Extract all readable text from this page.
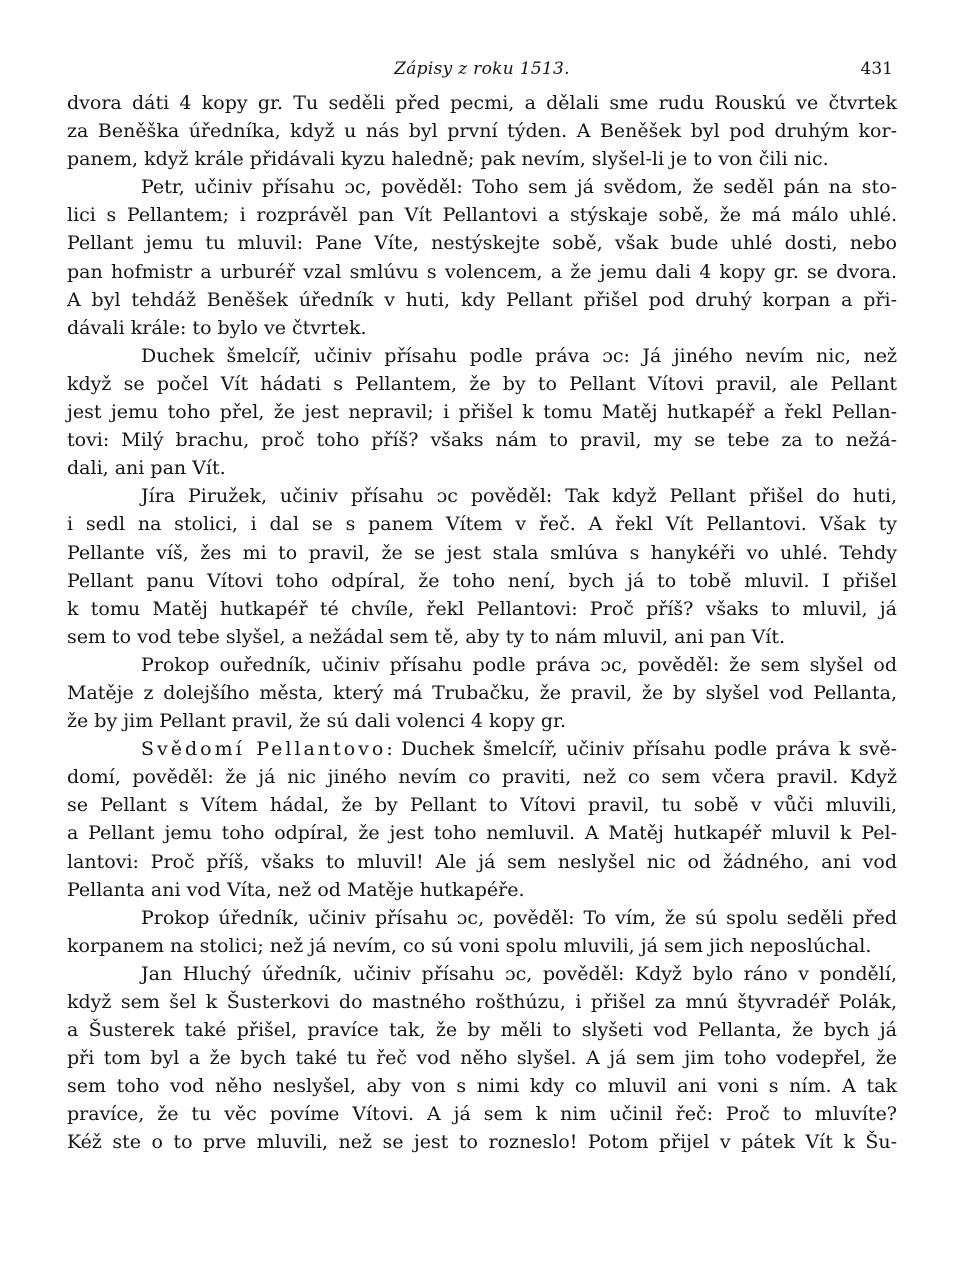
Zápisy z roku 1513.	431
dvora dáti 4 kopy gr. Tu seděli před pecmi, a dělali sme rudu Rouskú ve čtvrtek
za Beněška úředníka, když u nás byl první týden. A Beněšek byl pod druhým kor-
panem, když krále přidávali kyzu haledně; pak nevím, slyšel-li je to von čili nic.
Petr, učiniv přísahu ɔc, pověděl: Toho sem já svědom, že seděl pán na sto-
lici s Pellantem; i rozprávěl pan Vít Pellantovi a stýskaje sobě, že má málo uhlé.
Pellant jemu tu mluvil: Pane Víte, nestýskejte sobě, však bude uhlé dosti, nebo
pan hofmistr a urburéř vzal smlúvu s volencem, a že jemu dali 4 kopy gr. se dvora.
A byl tehdáž Beněšek úředník v huti, kdy Pellant přišel pod druhý korpan a při-
dávali krále: to bylo ve čtvrtek.
Duchek šmelcíř, učiniv přísahu podle práva ɔc: Já jiného nevím nic, než
když se počel Vít hádati s Pellantem, že by to Pellant Vítovi pravil, ale Pellant
jest jemu toho přel, že jest nepravil; i přišel k tomu Matěj hutkapéř a řekl Pellan-
tovi: Milý brachu, proč toho příš? všaks nám to pravil, my se tebe za to nežá-
dali, ani pan Vít.
Jíra Piružek, učiniv přísahu ɔc pověděl: Tak když Pellant přišel do huti,
i sedl na stolici, i dal se s panem Vítem v řeč. A řekl Vít Pellantovi. Však ty
Pellante víš, žes mi to pravil, že se jest stala smlúva s hanykéři vo uhlé. Tehdy
Pellant panu Vítovi toho odpíral, že toho není, bych já to tobě mluvil. I přišel
k tomu Matěj hutkapéř té chvíle, řekl Pellantovi: Proč příš? všaks to mluvil, já
sem to vod tebe slyšel, a nežádal sem tě, aby ty to nám mluvil, ani pan Vít.
Prokop ouředník, učiniv přísahu podle práva ɔc, pověděl: že sem slyšel od
Matěje z dolejšího města, který má Trubačku, že pravil, že by slyšel vod Pellanta,
že by jim Pellant pravil, že sú dali volenci 4 kopy gr.
Svědomí Pellantovo: Duchek šmelcíř, učiniv přísahu podle práva k svě-
domí, pověděl: že já nic jiného nevím co praviti, než co sem včera pravil. Když
se Pellant s Vítem hádal, že by Pellant to Vítovi pravil, tu sobě v vůči mluvili,
a Pellant jemu toho odpíral, že jest toho nemluvil. A Matěj hutkapéř mluvil k Pel-
lantovi: Proč příš, všaks to mluvil! Ale já sem neslyšel nic od žádného, ani vod
Pellanta ani vod Víta, než od Matěje hutkapéře.
Prokop úředník, učiniv přísahu ɔc, pověděl: To vím, že sú spolu seděli před
korpanem na stolici; než já nevím, co sú voni spolu mluvili, já sem jich neposlúchal.
Jan Hluchý úředník, učiniv přísahu ɔc, pověděl: Když bylo ráno v pondělí,
když sem šel k Šusterkovi do mastného rošthúzu, i přišel za mnú štyvradéř Polák,
a Šusterek také přišel, pravíce tak, že by měli to slyšeti vod Pellanta, že bych já
při tom byl a že bych také tu řeč vod něho slyšel. A já sem jim toho vodepřel, že
sem toho vod něho neslyšel, aby von s nimi kdy co mluvil ani voni s ním. A tak
pravíce, že tu věc povíme Vítovi. A já sem k nim učinil řeč: Proč to mluvíte?
Kéž ste o to prve mluvili, než se jest to rozneslo! Potom přijel v pátek Vít k Šu-
